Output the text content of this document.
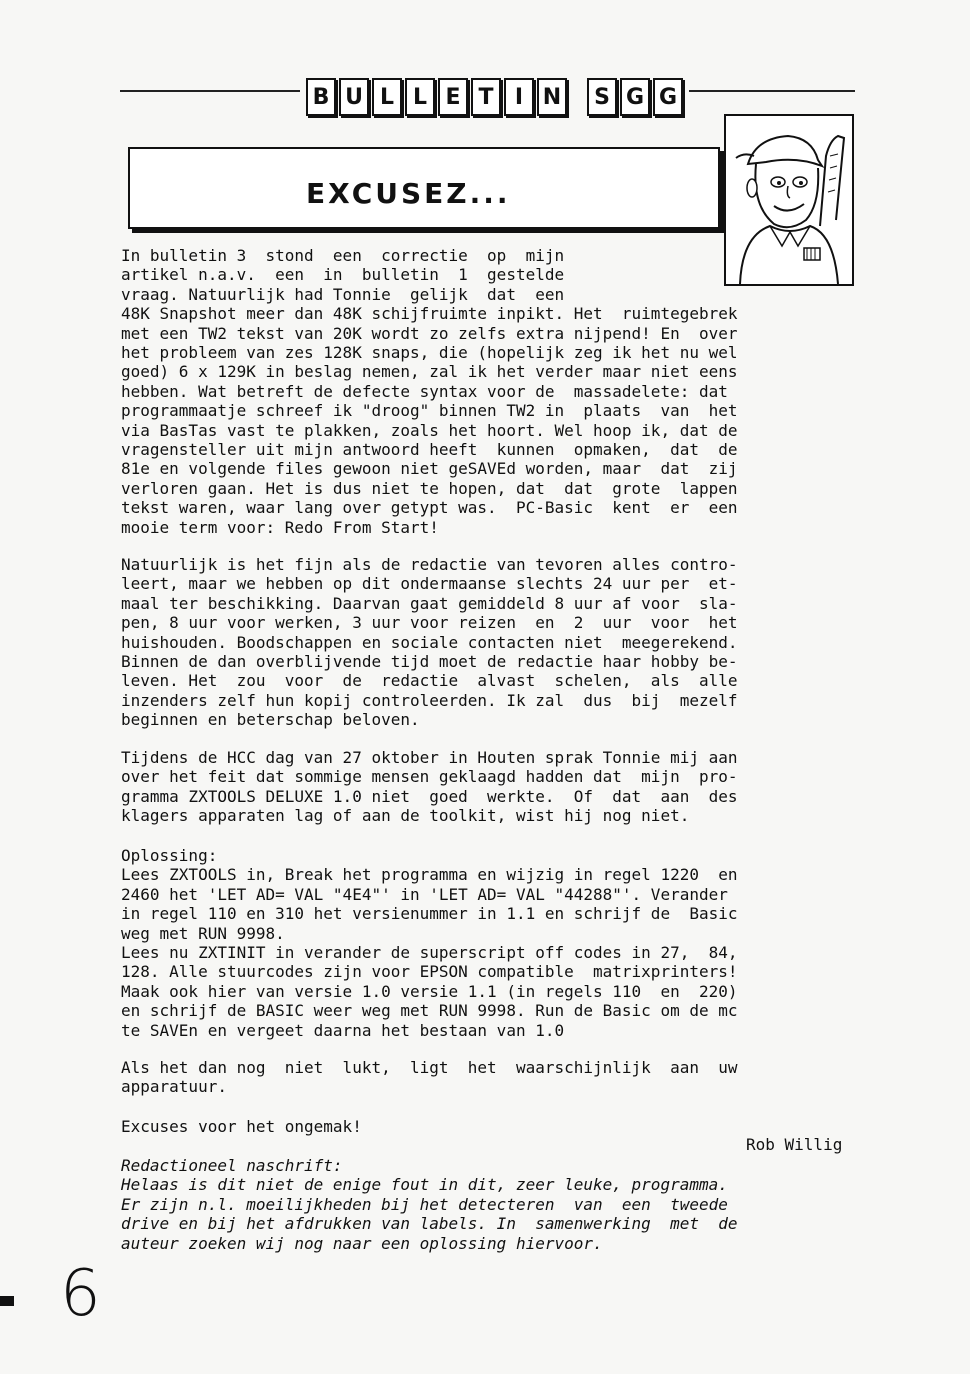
B U L L E T I N	S G G
EXCUSEZ...
In bulletin 3  stond  een  correctie  op  mijn
artikel n.a.v.  een  in  bulletin  1  gestelde
vraag. Natuurlijk had Tonnie  gelijk  dat  een
48K Snapshot meer dan 48K schijfruimte inpikt. Het  ruimtegebrek
met een TW2 tekst van 20K wordt zo zelfs extra nijpend! En  over
het probleem van zes 128K snaps, die (hopelijk zeg ik het nu wel
goed) 6 x 129K in beslag nemen, zal ik het verder maar niet eens
hebben. Wat betreft de defecte syntax voor de  massadelete: dat
programmaatje schreef ik "droog" binnen TW2 in  plaats  van  het
via BasTas vast te plakken, zoals het hoort. Wel hoop ik, dat de
vragensteller uit mijn antwoord heeft  kunnen  opmaken,  dat  de
81e en volgende files gewoon niet geSAVEd worden, maar  dat  zij
verloren gaan. Het is dus niet te hopen, dat  dat  grote  lappen
tekst waren, waar lang over getypt was.  PC-Basic  kent  er  een
mooie term voor: Redo From Start!
Natuurlijk is het fijn als de redactie van tevoren alles contro-
leert, maar we hebben op dit ondermaanse slechts 24 uur per  et-
maal ter beschikking. Daarvan gaat gemiddeld 8 uur af voor  sla-
pen, 8 uur voor werken, 3 uur voor reizen  en  2  uur  voor  het
huishouden. Boodschappen en sociale contacten niet  meegerekend.
Binnen de dan overblijvende tijd moet de redactie haar hobby be-
leven. Het  zou  voor  de  redactie  alvast  schelen,  als  alle
inzenders zelf hun kopij controleerden. Ik zal  dus  bij  mezelf
beginnen en beterschap beloven.
Tijdens de HCC dag van 27 oktober in Houten sprak Tonnie mij aan
over het feit dat sommige mensen geklaagd hadden dat  mijn  pro-
gramma ZXTOOLS DELUXE 1.0 niet  goed  werkte.  Of  dat  aan  des
klagers apparaten lag of aan de toolkit, wist hij nog niet.
Oplossing:
Lees ZXTOOLS in, Break het programma en wijzig in regel 1220  en
2460 het 'LET AD= VAL "4E4"' in 'LET AD= VAL "44288"'. Verander
in regel 110 en 310 het versienummer in 1.1 en schrijf de  Basic
weg met RUN 9998.
Lees nu ZXTINIT in verander de superscript off codes in 27,  84,
128. Alle stuurcodes zijn voor EPSON compatible  matrixprinters!
Maak ook hier van versie 1.0 versie 1.1 (in regels 110  en  220)
en schrijf de BASIC weer weg met RUN 9998. Run de Basic om de mc
te SAVEn en vergeet daarna het bestaan van 1.0
Als het dan nog  niet  lukt,  ligt  het  waarschijnlijk  aan  uw
apparatuur.
Excuses voor het ongemak!
Rob Willig
Redactioneel naschrift:
Helaas is dit niet de enige fout in dit, zeer leuke, programma.
Er zijn n.l. moeilijkheden bij het detecteren  van  een  tweede
drive en bij het afdrukken van labels. In  samenwerking  met  de
auteur zoeken wij nog naar een oplossing hiervoor.
6
